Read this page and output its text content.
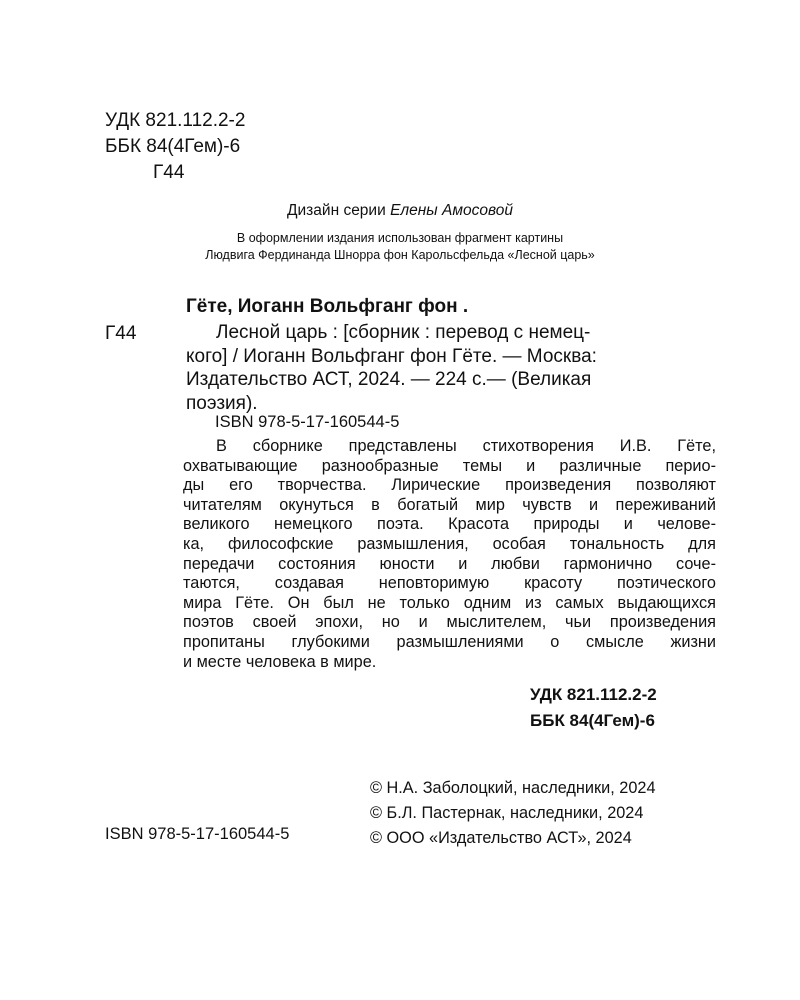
УДК 821.112.2-2
ББК 84(4Гем)-6
Г44
Дизайн серии Елены Амосовой
В оформлении издания использован фрагмент картины
Людвига Фердинанда Шнорра фон Карольсфельда «Лесной царь»
Гёте, Иоганн Вольфганг фон .
Г44	Лесной царь : [сборник : перевод с немец-
кого] / Иоганн Вольфганг фон Гёте. — Москва:
Издательство АСТ, 2024. — 224 с.— (Великая
поэзия).
ISBN 978-5-17-160544-5
В сборнике представлены стихотворения И.В. Гёте,
охватывающие разнообразные темы и различные перио-
ды его творчества. Лирические произведения позволяют
читателям окунуться в богатый мир чувств и переживаний
великого немецкого поэта. Красота природы и челове-
ка, философские размышления, особая тональность для
передачи состояния юности и любви гармонично соче-
таются, создавая неповторимую красоту поэтического
мира Гёте. Он был не только одним из самых выдающихся
поэтов своей эпохи, но и мыслителем, чьи произведения
пропитаны глубокими размышлениями о смысле жизни
и месте человека в мире.
УДК 821.112.2-2
ББК 84(4Гем)-6
ISBN 978-5-17-160544-5
© Н.А. Заболоцкий, наследники, 2024
© Б.Л. Пастернак, наследники, 2024
© ООО «Издательство АСТ», 2024
